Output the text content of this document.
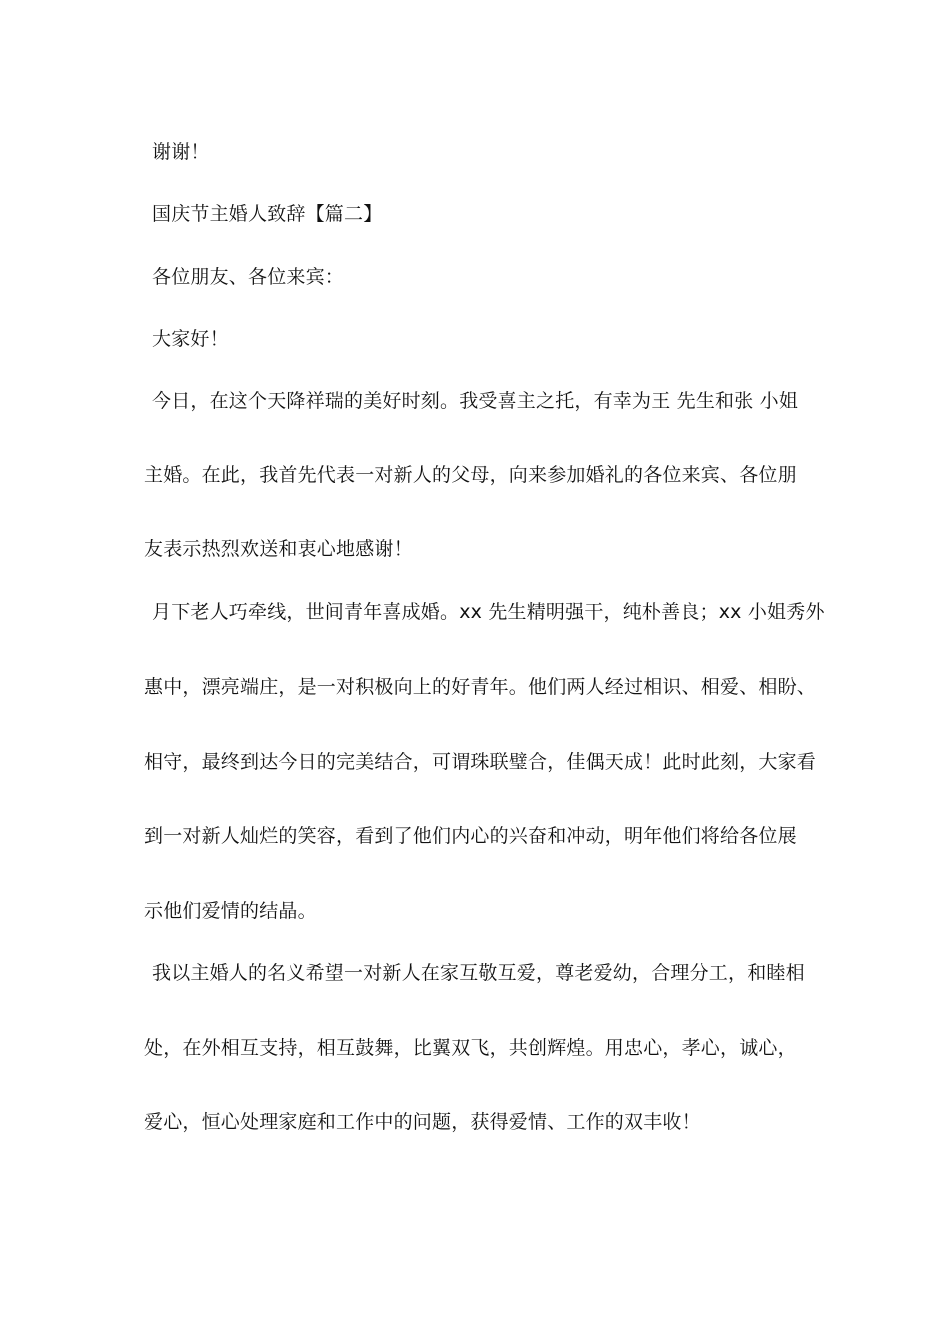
谢谢！
国庆节主婚人致辞【篇二】
各位朋友、各位来宾：
大家好！
今日，在这个天降祥瑞的美好时刻。我受喜主之托，有幸为王 先生和张 小姐
主婚。在此，我首先代表一对新人的父母，向来参加婚礼的各位来宾、各位朋
友表示热烈欢送和衷心地感谢！
月下老人巧牵线，世间青年喜成婚。xx 先生精明强干，纯朴善良；xx 小姐秀外
惠中，漂亮端庄，是一对积极向上的好青年。他们两人经过相识、相爱、相盼、
相守，最终到达今日的完美结合，可谓珠联璧合，佳偶天成！此时此刻，大家看
到一对新人灿烂的笑容，看到了他们内心的兴奋和冲动，明年他们将给各位展
示他们爱情的结晶。
我以主婚人的名义希望一对新人在家互敬互爱，尊老爱幼，合理分工，和睦相
处，在外相互支持，相互鼓舞，比翼双飞，共创辉煌。用忠心，孝心，诚心，
爱心，恒心处理家庭和工作中的问题，获得爱情、工作的双丰收！
